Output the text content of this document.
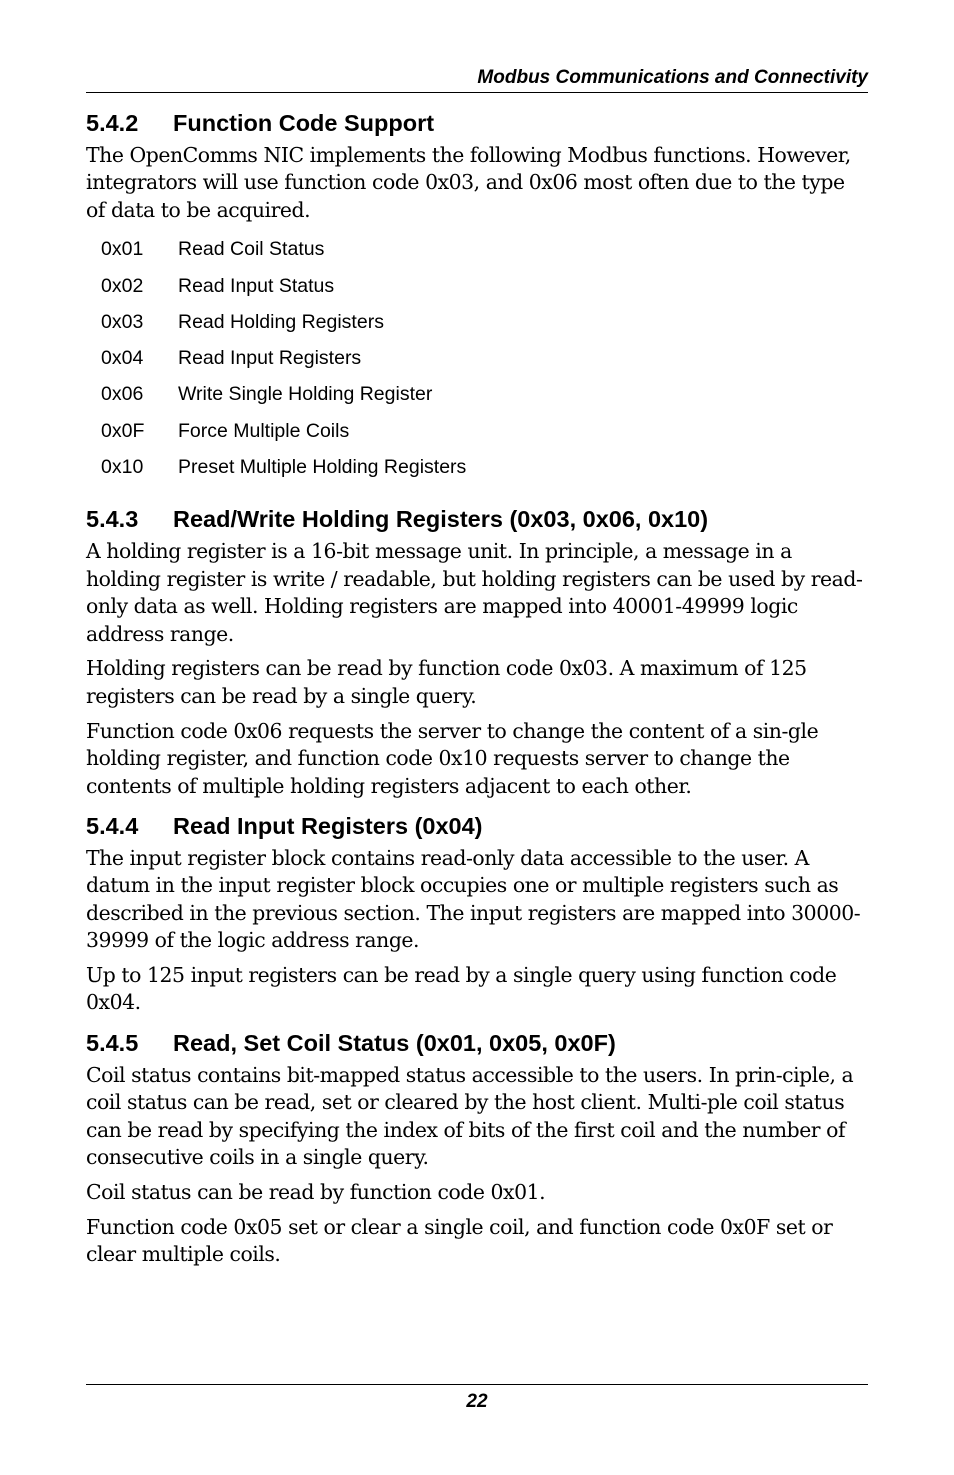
Modbus Communications and Connectivity
5.4.2	Function Code Support

The OpenComms NIC implements the following Modbus functions. However, integrators will use function code 0x03, and 0x06 most often due to the type of data to be acquired.

0x01	Read Coil Status
0x02	Read Input Status
0x03	Read Holding Registers
0x04	Read Input Registers
0x06	Write Single Holding Register
0x0F	Force Multiple Coils
0x10	Preset Multiple Holding Registers
5.4.3	Read/Write Holding Registers (0x03, 0x06, 0x10)

A holding register is a 16-bit message unit. In principle, a message in a holding register is write / readable, but holding registers can be used by read-only data as well. Holding registers are mapped into 40001-49999 logic address range.

Holding registers can be read by function code 0x03. A maximum of 125 registers can be read by a single query.

Function code 0x06 requests the server to change the content of a sin-gle holding register, and function code 0x10 requests server to change the contents of multiple holding registers adjacent to each other.

5.4.4	Read Input Registers (0x04)

The input register block contains read-only data accessible to the user. A datum in the input register block occupies one or multiple registers such as described in the previous section. The input registers are mapped into 30000-39999 of the logic address range.

Up to 125 input registers can be read by a single query using function code 0x04.

5.4.5	Read, Set Coil Status (0x01, 0x05, 0x0F)

Coil status contains bit-mapped status accessible to the users. In prin-ciple, a coil status can be read, set or cleared by the host client. Multi-ple coil status can be read by specifying the index of bits of the first coil and the number of consecutive coils in a single query.

Coil status can be read by function code 0x01.

Function code 0x05 set or clear a single coil, and function code 0x0F set or clear multiple coils.

22
